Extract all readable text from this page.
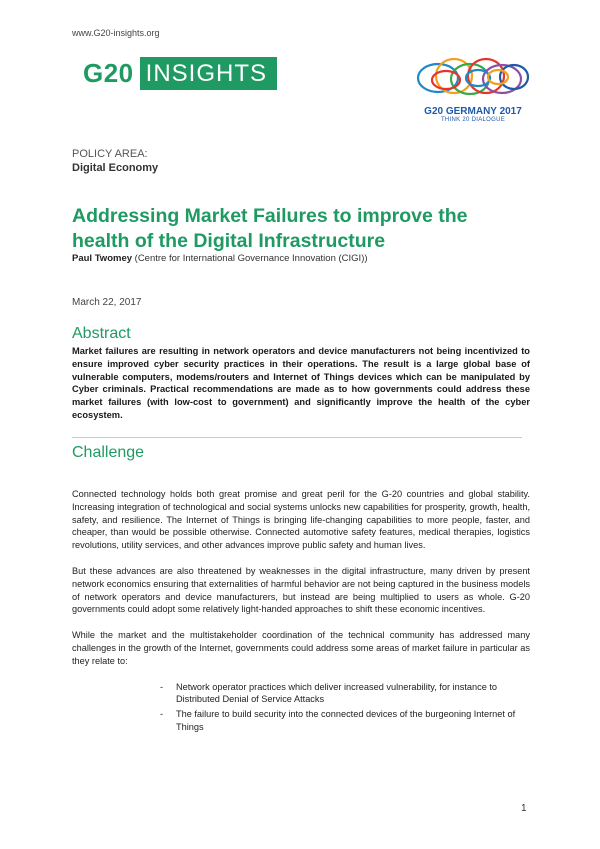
www.G20-insights.org
G20 INSIGHTS
G20 GERMANY 2017
THINK 20 DIALOGUE
POLICY AREA:
Digital Economy
Addressing Market Failures to improve the health of the Digital Infrastructure
Paul Twomey (Centre for International Governance Innovation (CIGI))
March 22, 2017
Abstract
Market failures are resulting in network operators and device manufacturers not being incentivized to ensure improved cyber security practices in their operations. The result is a large global base of vulnerable computers, modems/routers and Internet of Things devices which can be manipulated by Cyber criminals. Practical recommendations are made as to how governments could address these market failures (with low-cost to government) and significantly improve the health of the cyber ecosystem.
Challenge

Connected technology holds both great promise and great peril for the G-20 countries and global stability. Increasing integration of technological and social systems unlocks new capabilities for prosperity, growth, health, safety, and resilience. The Internet of Things is bringing life-changing capabilities to more people, faster, and cheaper, than would be possible otherwise. Connected automotive safety features, medical therapies, logistics revolutions, utility services, and other advances improve public safety and human lives.

But these advances are also threatened by weaknesses in the digital infrastructure, many driven by present network economics ensuring that externalities of harmful behavior are not being captured in the business models of network operators and device manufacturers, but instead are being multiplied to users as whole. G-20 governments could adopt some relatively light-handed approaches to shift these economic incentives.

While the market and the multistakeholder coordination of the technical community has addressed many challenges in the growth of the Internet, governments could address some areas of market failure in particular as they relate to:

- Network operator practices which deliver increased vulnerability, for instance to Distributed Denial of Service Attacks
- The failure to build security into the connected devices of the burgeoning Internet of Things
1
